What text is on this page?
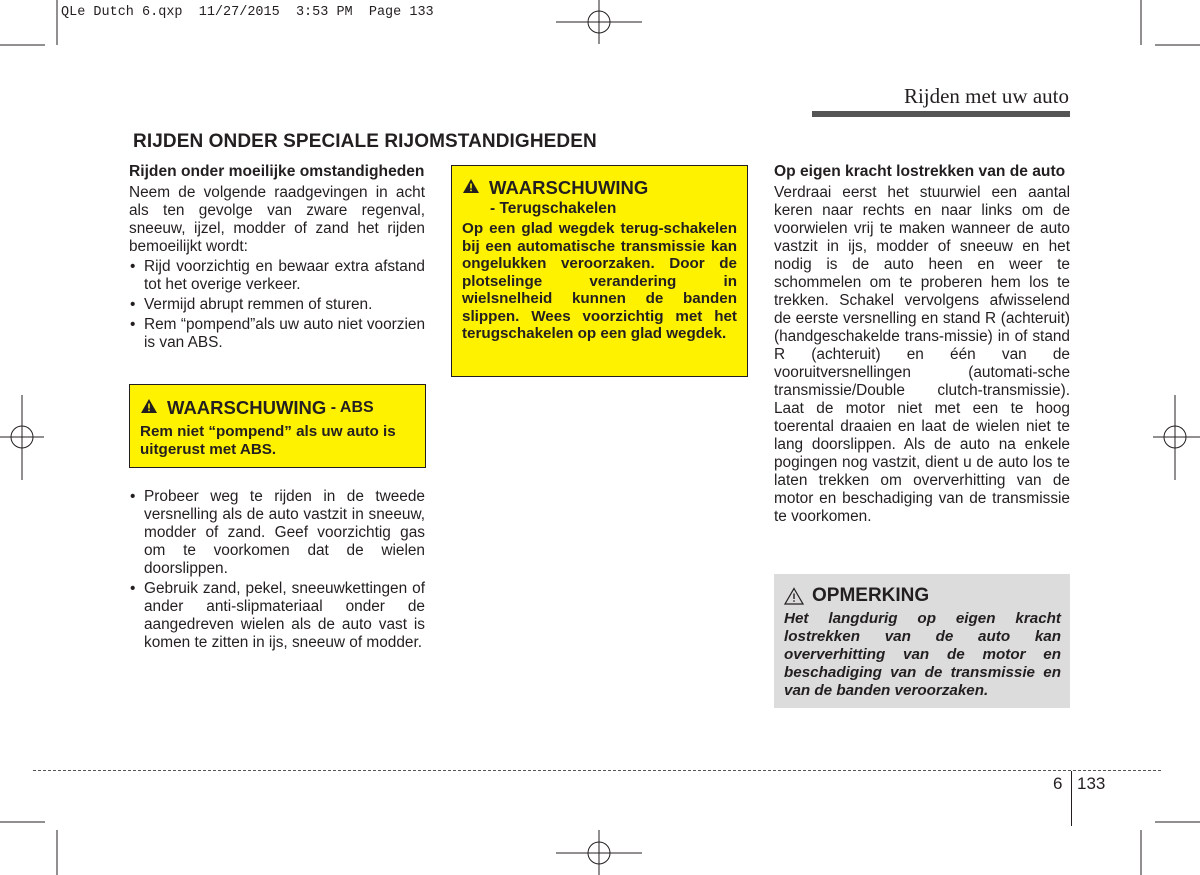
QLe Dutch 6.qxp  11/27/2015  3:53 PM  Page 133
Rijden met uw auto
RIJDEN ONDER SPECIALE RIJOMSTANDIGHEDEN
Rijden onder moeilijke omstandigheden

Neem de volgende raadgevingen in acht als ten gevolge van zware regenval, sneeuw, ijzel, modder of zand het rijden bemoeilijkt wordt:

• Rijd voorzichtig en bewaar extra afstand tot het overige verkeer.
• Vermijd abrupt remmen of sturen.
• Rem “pompend”als uw auto niet voorzien is van ABS.
WAARSCHUWING - ABS
Rem niet “pompend” als uw auto is uitgerust met ABS.
• Probeer weg te rijden in de tweede versnelling als de auto vastzit in sneeuw, modder of zand. Geef voorzichtig gas om te voorkomen dat de wielen doorslippen.
• Gebruik zand, pekel, sneeuwkettingen of ander anti-slipmateriaal onder de aangedreven wielen als de auto vast is komen te zitten in ijs, sneeuw of modder.
WAARSCHUWING
- Terugschakelen
Op een glad wegdek terug-schakelen bij een automatische transmissie kan ongelukken veroorzaken. Door de plotselinge verandering in wielsnelheid kunnen de banden slippen. Wees voorzichtig met het terugschakelen op een glad wegdek.
Op eigen kracht lostrekken van de auto

Verdraai eerst het stuurwiel een aantal keren naar rechts en naar links om de voorwielen vrij te maken wanneer de auto vastzit in ijs, modder of sneeuw en het nodig is de auto heen en weer te schommelen om te proberen hem los te trekken. Schakel vervolgens afwisselend de eerste versnelling en stand R (achteruit) (handgeschakelde trans-missie) in of stand R (achteruit) en één van de vooruitversnellingen (automati-sche transmissie/Double clutch-transmissie). Laat de motor niet met een te hoog toerental draaien en laat de wielen niet te lang doorslippen. Als de auto na enkele pogingen nog vastzit, dient u de auto los te laten trekken om oververhitting van de motor en beschadiging van de transmissie te voorkomen.

OPMERKING
Het langdurig op eigen kracht lostrekken van de auto kan oververhitting van de motor en beschadiging van de transmissie en van de banden veroorzaken.
6 133
